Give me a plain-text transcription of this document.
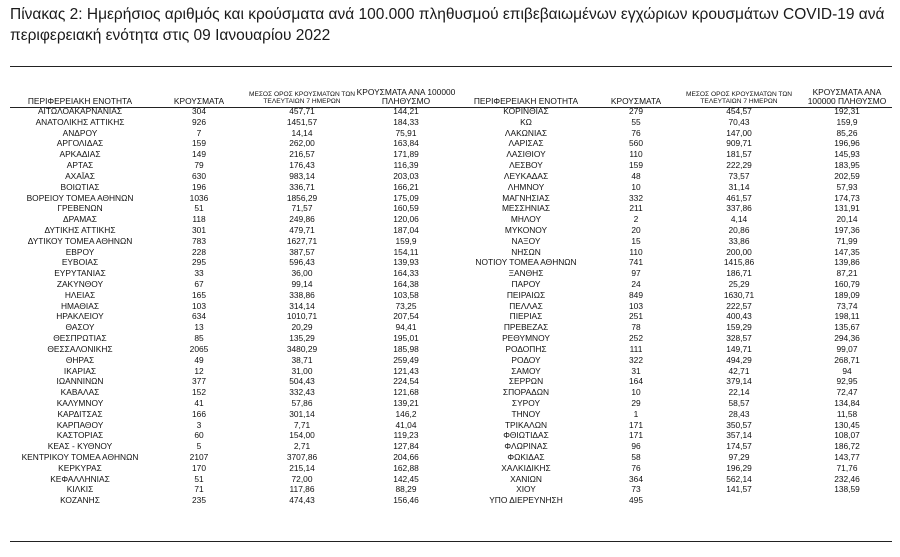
Πίνακας 2: Ημερήσιος αριθμός και κρούσματα ανά 100.000 πληθυσμού επιβεβαιωμένων εγχώριων κρουσμάτων COVID-19 ανά περιφερειακή ενότητα στις 09 Ιανουαρίου 2022
ΠΕΡΙΦΕΡΕΙΑΚΗ ΕΝΟΤΗΤΑ	ΚΡΟΥΣΜΑΤΑ	ΜΕΣΟΣ ΟΡΟΣ ΚΡΟΥΣΜΑΤΩΝ ΤΩΝ ΤΕΛΕΥΤΑΙΩΝ 7 ΗΜΕΡΩΝ	ΚΡΟΥΣΜΑΤΑ ΑΝΑ 100000 ΠΛΗΘΥΣΜΟ
ΑΙΤΩΛΟΑΚΑΡΝΑΝΙΑΣ	304	457,71	144,21
ΑΝΑΤΟΛΙΚΗΣ ΑΤΤΙΚΗΣ	926	1451,57	184,33
ΑΝΔΡΟΥ	7	14,14	75,91
ΑΡΓΟΛΙΔΑΣ	159	262,00	163,84
ΑΡΚΑΔΙΑΣ	149	216,57	171,89
ΑΡΤΑΣ	79	176,43	116,39
ΑΧΑΪΑΣ	630	983,14	203,03
ΒΟΙΩΤΙΑΣ	196	336,71	166,21
ΒΟΡΕΙΟΥ ΤΟΜΕΑ ΑΘΗΝΩΝ	1036	1856,29	175,09
ΓΡΕΒΕΝΩΝ	51	71,57	160,59
ΔΡΑΜΑΣ	118	249,86	120,06
ΔΥΤΙΚΗΣ ΑΤΤΙΚΗΣ	301	479,71	187,04
ΔΥΤΙΚΟΥ ΤΟΜΕΑ ΑΘΗΝΩΝ	783	1627,71	159,9
ΕΒΡΟΥ	228	387,57	154,11
ΕΥΒΟΙΑΣ	295	596,43	139,93
ΕΥΡΥΤΑΝΙΑΣ	33	36,00	164,33
ΖΑΚΥΝΘΟΥ	67	99,14	164,38
ΗΛΕΙΑΣ	165	338,86	103,58
ΗΜΑΘΙΑΣ	103	314,14	73,25
ΗΡΑΚΛΕΙΟΥ	634	1010,71	207,54
ΘΑΣΟΥ	13	20,29	94,41
ΘΕΣΠΡΩΤΙΑΣ	85	135,29	195,01
ΘΕΣΣΑΛΟΝΙΚΗΣ	2065	3480,29	185,98
ΘΗΡΑΣ	49	38,71	259,49
ΙΚΑΡΙΑΣ	12	31,00	121,43
ΙΩΑΝΝΙΝΩΝ	377	504,43	224,54
ΚΑΒΑΛΑΣ	152	332,43	121,68
ΚΑΛΥΜΝΟΥ	41	57,86	139,21
ΚΑΡΔΙΤΣΑΣ	166	301,14	146,2
ΚΑΡΠΑΘΟΥ	3	7,71	41,04
ΚΑΣΤΟΡΙΑΣ	60	154,00	119,23
ΚΕΑΣ - ΚΥΘΝΟΥ	5	2,71	127,84
ΚΕΝΤΡΙΚΟΥ ΤΟΜΕΑ ΑΘΗΝΩΝ	2107	3707,86	204,66
ΚΕΡΚΥΡΑΣ	170	215,14	162,88
ΚΕΦΑΛΛΗΝΙΑΣ	51	72,00	142,45
ΚΙΛΚΙΣ	71	117,86	88,29
ΚΟΖΑΝΗΣ	235	474,43	156,46
ΠΕΡΙΦΕΡΕΙΑΚΗ ΕΝΟΤΗΤΑ	ΚΡΟΥΣΜΑΤΑ	ΜΕΣΟΣ ΟΡΟΣ ΚΡΟΥΣΜΑΤΩΝ ΤΩΝ ΤΕΛΕΥΤΑΙΩΝ 7 ΗΜΕΡΩΝ	ΚΡΟΥΣΜΑΤΑ ΑΝΑ 100000 ΠΛΗΘΥΣΜΟ
ΚΟΡΙΝΘΙΑΣ	279	454,57	192,31
ΚΩ	55	70,43	159,9
ΛΑΚΩΝΙΑΣ	76	147,00	85,26
ΛΑΡΙΣΑΣ	560	909,71	196,96
ΛΑΣΙΘΙΟΥ	110	181,57	145,93
ΛΕΣΒΟΥ	159	222,29	183,95
ΛΕΥΚΑΔΑΣ	48	73,57	202,59
ΛΗΜΝΟΥ	10	31,14	57,93
ΜΑΓΝΗΣΙΑΣ	332	461,57	174,73
ΜΕΣΣΗΝΙΑΣ	211	337,86	131,91
ΜΗΛΟΥ	2	4,14	20,14
ΜΥΚΟΝΟΥ	20	20,86	197,36
ΝΑΞΟΥ	15	33,86	71,99
ΝΗΣΩΝ	110	200,00	147,35
ΝΟΤΙΟΥ ΤΟΜΕΑ ΑΘΗΝΩΝ	741	1415,86	139,86
ΞΑΝΘΗΣ	97	186,71	87,21
ΠΑΡΟΥ	24	25,29	160,79
ΠΕΙΡΑΙΩΣ	849	1630,71	189,09
ΠΕΛΛΑΣ	103	222,57	73,74
ΠΙΕΡΙΑΣ	251	400,43	198,11
ΠΡΕΒΕΖΑΣ	78	159,29	135,67
ΡΕΘΥΜΝΟΥ	252	328,57	294,36
ΡΟΔΟΠΗΣ	111	149,71	99,07
ΡΟΔΟΥ	322	494,29	268,71
ΣΑΜΟΥ	31	42,71	94
ΣΕΡΡΩΝ	164	379,14	92,95
ΣΠΟΡΑΔΩΝ	10	22,14	72,47
ΣΥΡΟΥ	29	58,57	134,84
ΤΗΝΟΥ	1	28,43	11,58
ΤΡΙΚΑΛΩΝ	171	350,57	130,45
ΦΘΙΩΤΙΔΑΣ	171	357,14	108,07
ΦΛΩΡΙΝΑΣ	96	174,57	186,72
ΦΩΚΙΔΑΣ	58	97,29	143,77
ΧΑΛΚΙΔΙΚΗΣ	76	196,29	71,76
ΧΑΝΙΩΝ	364	562,14	232,46
ΧΙΟΥ	73	141,57	138,59
ΥΠΟ ΔΙΕΡΕΥΝΗΣΗ	495		
